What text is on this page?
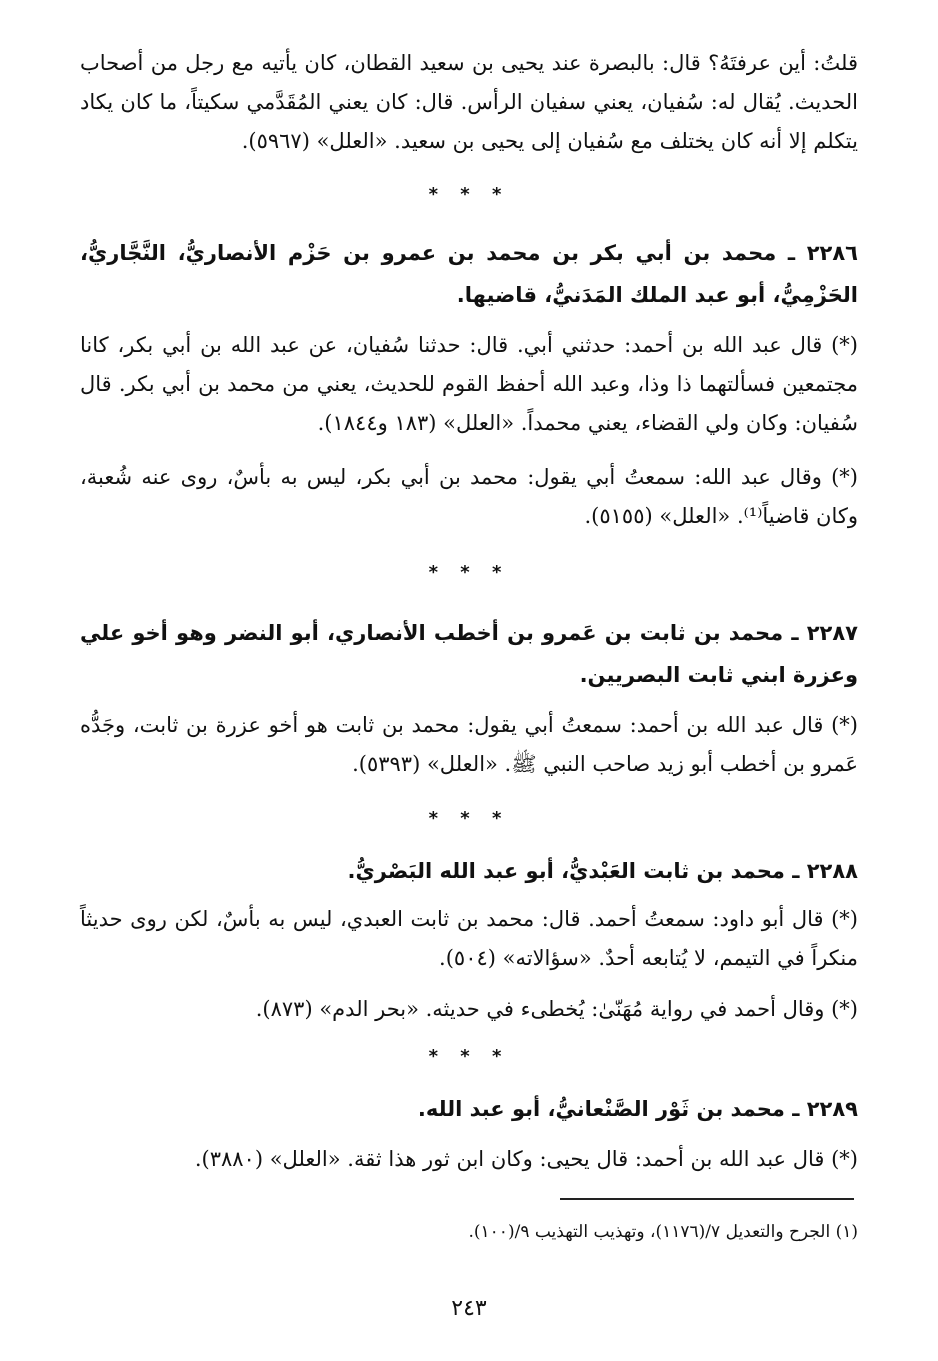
قلتُ: أين عرفتَهُ؟ قال: بالبصرة عند يحيى بن سعيد القطان، كان يأتيه مع رجل من أصحاب الحديث. يُقال له: سُفيان، يعني سفيان الرأس. قال: كان يعني المُقَدَّمي سكيتاً، ما كان يكاد يتكلم إلا أنه كان يختلف مع سُفيان إلى يحيى بن سعيد. «العلل» (٥٩٦٧).
* * *
٢٢٨٦ ـ محمد بن أبي بكر بن محمد بن عمرو بن حَزْم الأنصاريُّ، النَّجَّاريُّ، الحَزْمِيُّ، أبو عبد الملك المَدَنيُّ، قاضيها.
(*) قال عبد الله بن أحمد: حدثني أبي. قال: حدثنا سُفيان، عن عبد الله بن أبي بكر، كانا مجتمعين فسألتهما ذا وذا، وعبد الله أحفظ القوم للحديث، يعني من محمد بن أبي بكر. قال سُفيان: وكان ولي القضاء، يعني محمداً. «العلل» (١٨٣ و١٨٤٤).
(*) وقال عبد الله: سمعتُ أبي يقول: محمد بن أبي بكر، ليس به بأسٌ، روى عنه شُعبة، وكان قاضياً⁽¹⁾. «العلل» (٥١٥٥).
* * *
٢٢٨٧ ـ محمد بن ثابت بن عَمرو بن أخطب الأنصاري، أبو النضر وهو أخو علي وعزرة ابني ثابت البصريين.
(*) قال عبد الله بن أحمد: سمعتُ أبي يقول: محمد بن ثابت هو أخو عزرة بن ثابت، وجَدُّه عَمرو بن أخطب أبو زيد صاحب النبي ﷺ. «العلل» (٥٣٩٣).
* * *
٢٢٨٨ ـ محمد بن ثابت العَبْديُّ، أبو عبد الله البَصْريُّ.
(*) قال أبو داود: سمعتُ أحمد. قال: محمد بن ثابت العبدي، ليس به بأسٌ، لكن روى حديثاً منكراً في التيمم، لا يُتابعه أحدٌ. «سؤالاته» (٥٠٤).
(*) وقال أحمد في رواية مُهَنّىٰ: يُخطىء في حديثه. «بحر الدم» (٨٧٣).
* * *
٢٢٨٩ ـ محمد بن ثَوْر الصَّنْعانيُّ، أبو عبد الله.
(*) قال عبد الله بن أحمد: قال يحيى: وكان ابن ثور هذا ثقة. «العلل» (٣٨٨٠).
(١) الجرح والتعديل ٧/(١١٧٦)، وتهذيب التهذيب ٩/(١٠٠).
٢٤٣
